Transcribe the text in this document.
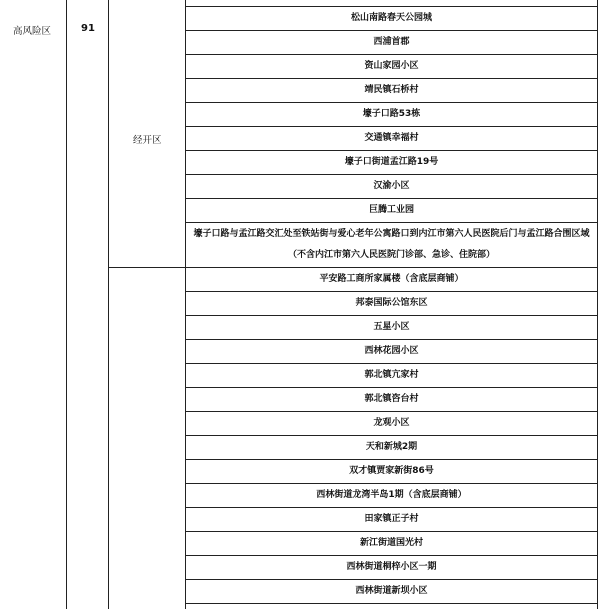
高风险区	91
经开区
松山南路春天公园城
西浦首郡
资山家园小区
靖民镇石桥村
壕子口路53栋
交通镇幸福村
壕子口街道孟江路19号
汉渝小区
巨腾工业园
壕子口路与孟江路交汇处至铁站街与爱心老年公寓路口到内江市第六人民医院后门与孟江路合围区域（不含内江市第六人民医院门诊部、急诊、住院部）
平安路工商所家属楼（含底层商铺）
邦泰国际公馆东区
五星小区
西林花园小区
郭北镇亢家村
郭北镇咨台村
龙观小区
天和新城2期
双才镇贾家新街86号
西林街道龙湾半岛1期（含底层商铺）
田家镇正子村
新江街道国光村
西林街道桐梓小区一期
西林街道新坝小区
